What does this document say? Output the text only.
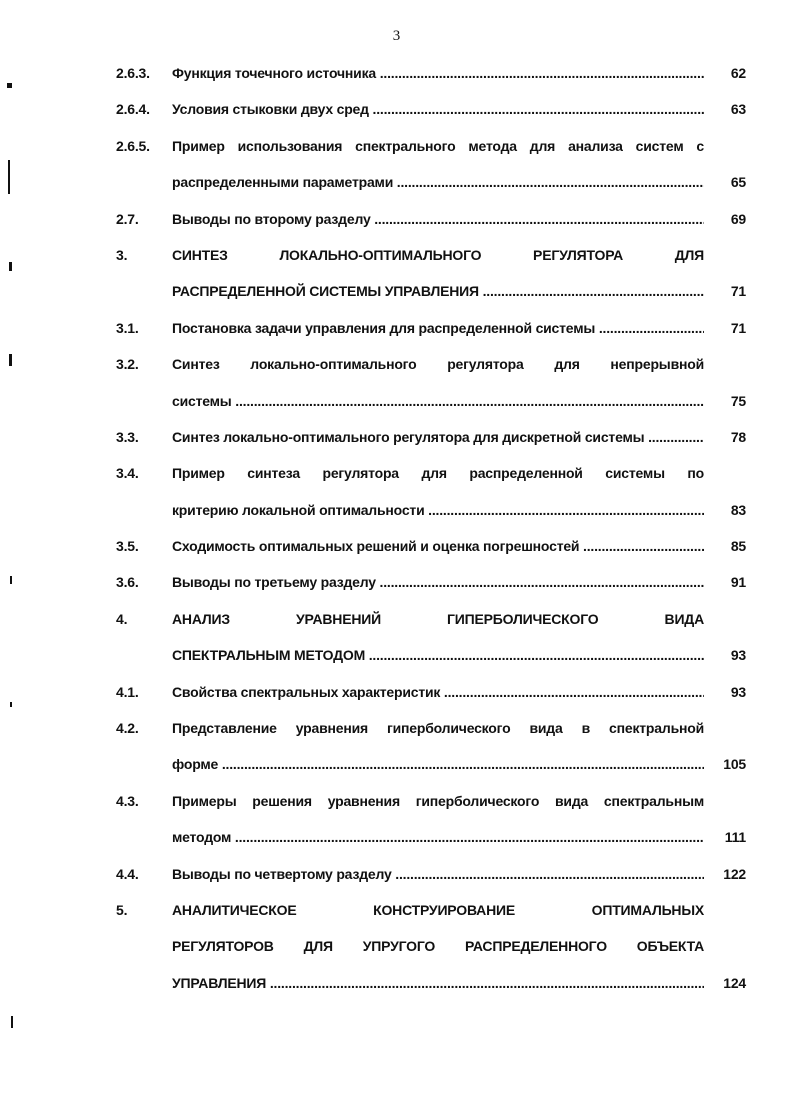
3
2.6.3. Функция точечного источника .....	62
2.6.4. Условия стыковки двух сред .....	63
2.6.5. Пример использования спектрального метода для анализа систем с
распределенными параметрами .....	65
2.7. Выводы по второму разделу .....	69
3.	СИНТЕЗ ЛОКАЛЬНО-ОПТИМАЛЬНОГО РЕГУЛЯТОРА ДЛЯ
РАСПРЕДЕЛЕННОЙ СИСТЕМЫ УПРАВЛЕНИЯ .....	71
3.1. Постановка задачи управления для распределенной системы .....	71
3.2. Синтез локально-оптимального регулятора для непрерывной
системы .....	75
3.3. Синтез локально-оптимального регулятора для дискретной системы .....	78
3.4. Пример синтеза регулятора для распределенной системы по
критерию локальной оптимальности .....	83
3.5. Сходимость оптимальных решений и оценка погрешностей .....	85
3.6. Выводы по третьему разделу .....	91
4.	АНАЛИЗ УРАВНЕНИЙ ГИПЕРБОЛИЧЕСКОГО ВИДА
СПЕКТРАЛЬНЫМ МЕТОДОМ .....	93
4.1. Свойства спектральных характеристик .....	93
4.2. Представление уравнения гиперболического вида в спектральной
форме .....	105
4.3. Примеры решения уравнения гиперболического вида спектральным
методом .....	111
4.4. Выводы по четвертому разделу .....	122
5.	АНАЛИТИЧЕСКОЕ КОНСТРУИРОВАНИЕ ОПТИМАЛЬНЫХ
РЕГУЛЯТОРОВ ДЛЯ УПРУГОГО РАСПРЕДЕЛЕННОГО ОБЪЕКТА
УПРАВЛЕНИЯ .....	124
